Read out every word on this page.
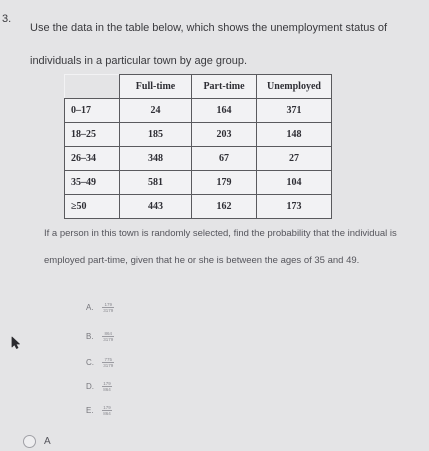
3.
Use the data in the table below, which shows the unemployment status of individuals in a particular town by age group.
	Full-time	Part-time	Unemployed
0–17	24	164	371
18–25	185	203	148
26–34	348	67	27
35–49	581	179	104
≥50	443	162	173
If a person in this town is randomly selected, find the probability that the individual is employed part-time, given that he or she is between the ages of 35 and 49.
A. $\frac{179}{3179}$
B. $\frac{864}{3179}$
C. $\frac{775}{3179}$
D. $\frac{179}{864}$
E. $\frac{179}{864}$
A
